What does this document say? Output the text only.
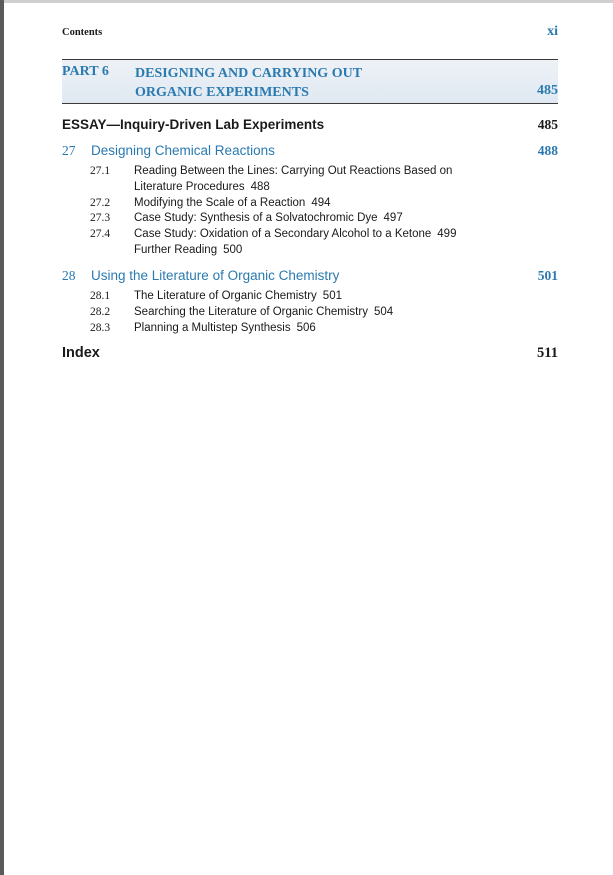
Contents	xi
PART 6 DESIGNING AND CARRYING OUT
ORGANIC EXPERIMENTS	485
ESSAY—Inquiry-Driven Lab Experiments	485
27 Designing Chemical Reactions	488
27.1 Reading Between the Lines: Carrying Out Reactions Based on
Literature Procedures 488
27.2 Modifying the Scale of a Reaction 494
27.3 Case Study: Synthesis of a Solvatochromic Dye 497
27.4 Case Study: Oxidation of a Secondary Alcohol to a Ketone 499
Further Reading 500
28 Using the Literature of Organic Chemistry	501
28.1 The Literature of Organic Chemistry 501
28.2 Searching the Literature of Organic Chemistry 504
28.3 Planning a Multistep Synthesis 506
Index	511
